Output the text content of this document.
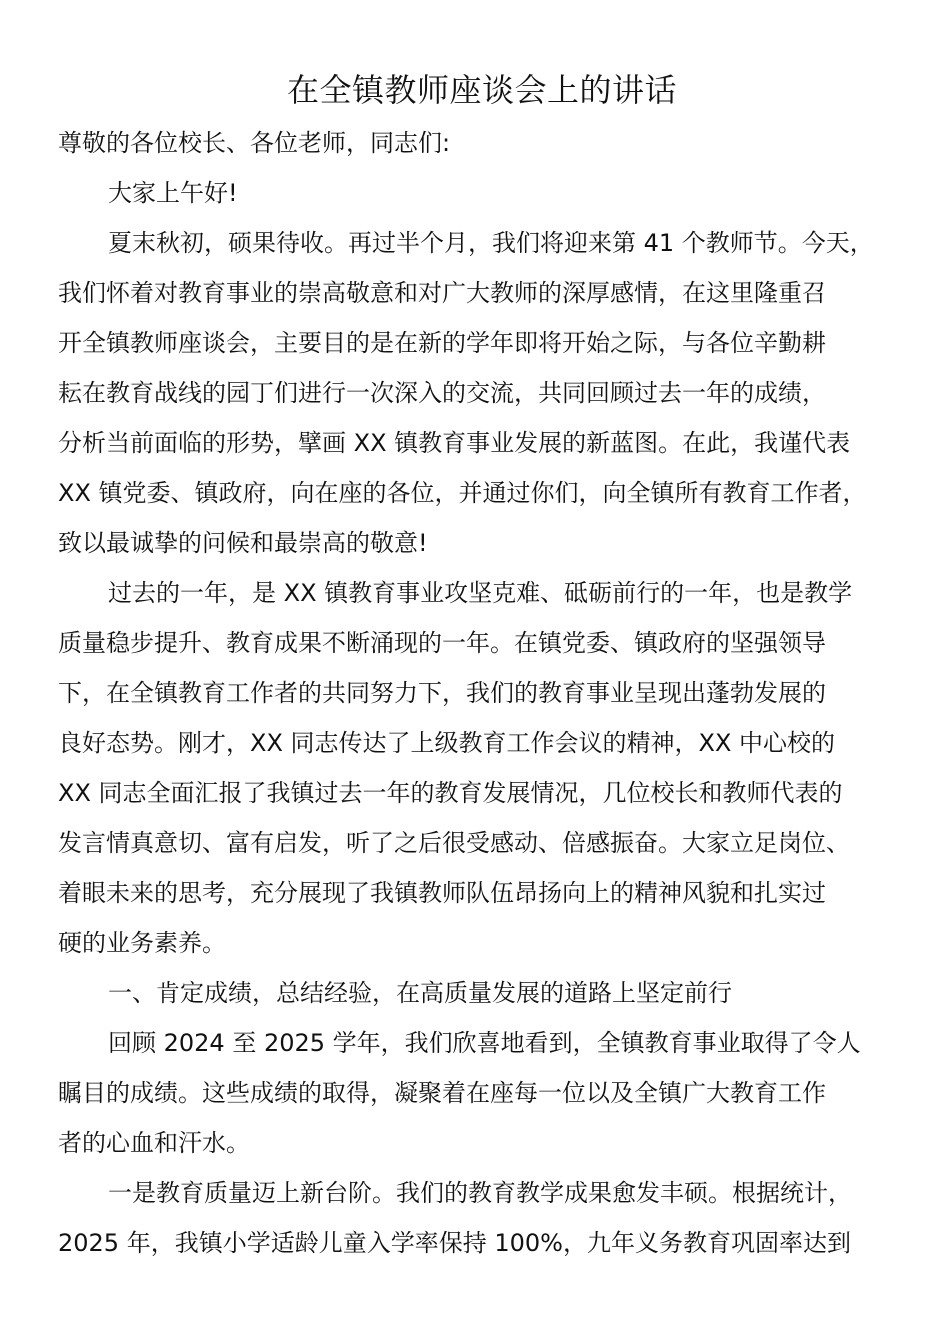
在全镇教师座谈会上的讲话

尊敬的各位校长、各位老师，同志们:

大家上午好!

夏末秋初，硕果待收。再过半个月，我们将迎来第 41 个教师节。今天，
我们怀着对教育事业的崇高敬意和对广大教师的深厚感情，在这里隆重召
开全镇教师座谈会，主要目的是在新的学年即将开始之际，与各位辛勤耕
耘在教育战线的园丁们进行一次深入的交流，共同回顾过去一年的成绩，
分析当前面临的形势，擘画 XX 镇教育事业发展的新蓝图。在此，我谨代表
XX 镇党委、镇政府，向在座的各位，并通过你们，向全镇所有教育工作者，
致以最诚挚的问候和最崇高的敬意!

过去的一年，是 XX 镇教育事业攻坚克难、砥砺前行的一年，也是教学
质量稳步提升、教育成果不断涌现的一年。在镇党委、镇政府的坚强领导
下，在全镇教育工作者的共同努力下，我们的教育事业呈现出蓬勃发展的
良好态势。刚才，XX 同志传达了上级教育工作会议的精神，XX 中心校的
XX 同志全面汇报了我镇过去一年的教育发展情况，几位校长和教师代表的
发言情真意切、富有启发，听了之后很受感动、倍感振奋。大家立足岗位、
着眼未来的思考，充分展现了我镇教师队伍昂扬向上的精神风貌和扎实过
硬的业务素养。

一、肯定成绩，总结经验，在高质量发展的道路上坚定前行

回顾 2024 至 2025 学年，我们欣喜地看到，全镇教育事业取得了令人
瞩目的成绩。这些成绩的取得，凝聚着在座每一位以及全镇广大教育工作
者的心血和汗水。

一是教育质量迈上新台阶。我们的教育教学成果愈发丰硕。根据统计，
2025 年，我镇小学适龄儿童入学率保持 100%，九年义务教育巩固率达到
